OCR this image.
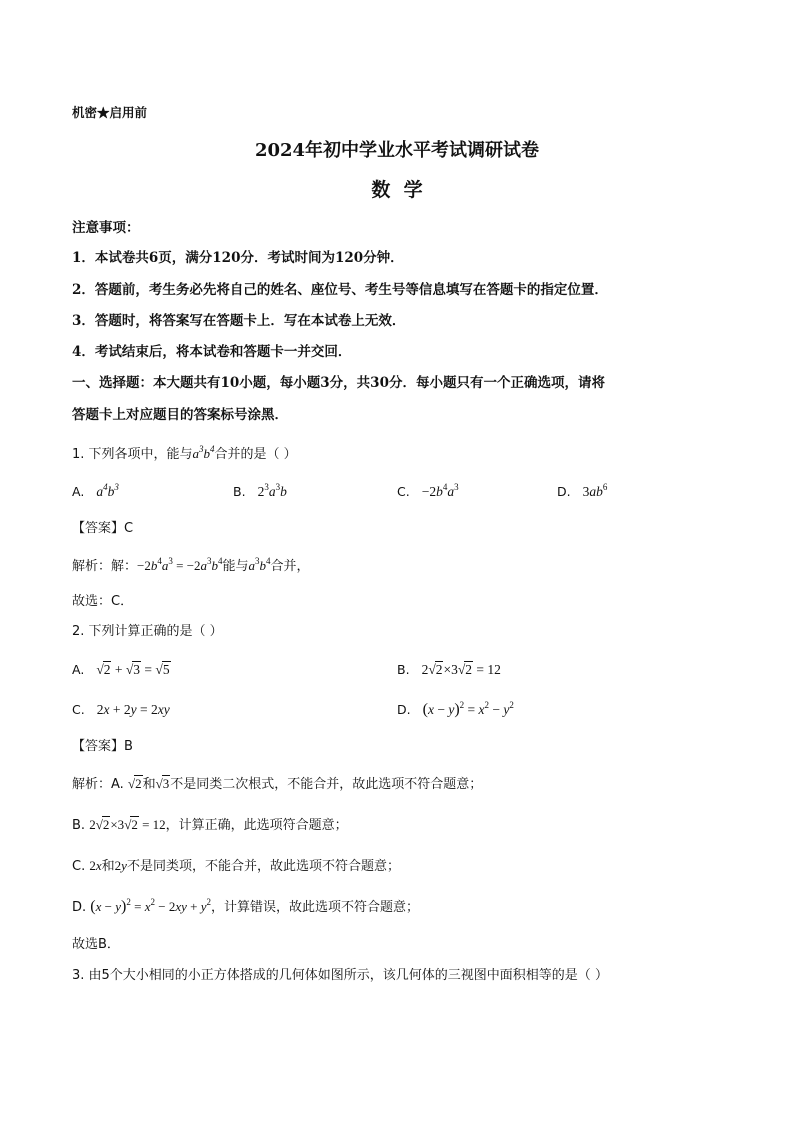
机密★启用前
2024年初中学业水平考试调研试卷
数  学
注意事项：
1．本试卷共6页，满分120分．考试时间为120分钟．
2．答题前，考生务必先将自己的姓名、座位号、考生号等信息填写在答题卡的指定位置．
3．答题时，将答案写在答题卡上．写在本试卷上无效．
4．考试结束后，将本试卷和答题卡一并交回．
一、选择题：本大题共有10小题，每小题3分，共30分．每小题只有一个正确选项，请将
答题卡上对应题目的答案标号涂黑．
1. 下列各项中，能与$a^3b^4$合并的是（ ）
A. $a^4b^3$	B. $2^3a^3b$	C. $-2b^4a^3$	D. $3ab^6$
【答案】C
解析：解：$-2b^4a^3 = -2a^3b^4$能与$a^3b^4$合并，
故选：C．
2. 下列计算正确的是（ ）
A. √2 + √3 = √5	B. 2√2×3√2 = 12
C. 2x + 2y = 2xy	D. $(x - y)^2 = x^2 - y^2$
【答案】B
解析：A. √2和√3不是同类二次根式，不能合并，故此选项不符合题意；
B. 2√2×3√2 = 12，计算正确，此选项符合题意；
C. 2x和2y不是同类项，不能合并，故此选项不符合题意；
D. $(x - y)^2 = x^2 - 2xy + y^2$，计算错误，故此选项不符合题意；
故选B．
3. 由5个大小相同的小正方体搭成的几何体如图所示，该几何体的三视图中面积相等的是（ ）
